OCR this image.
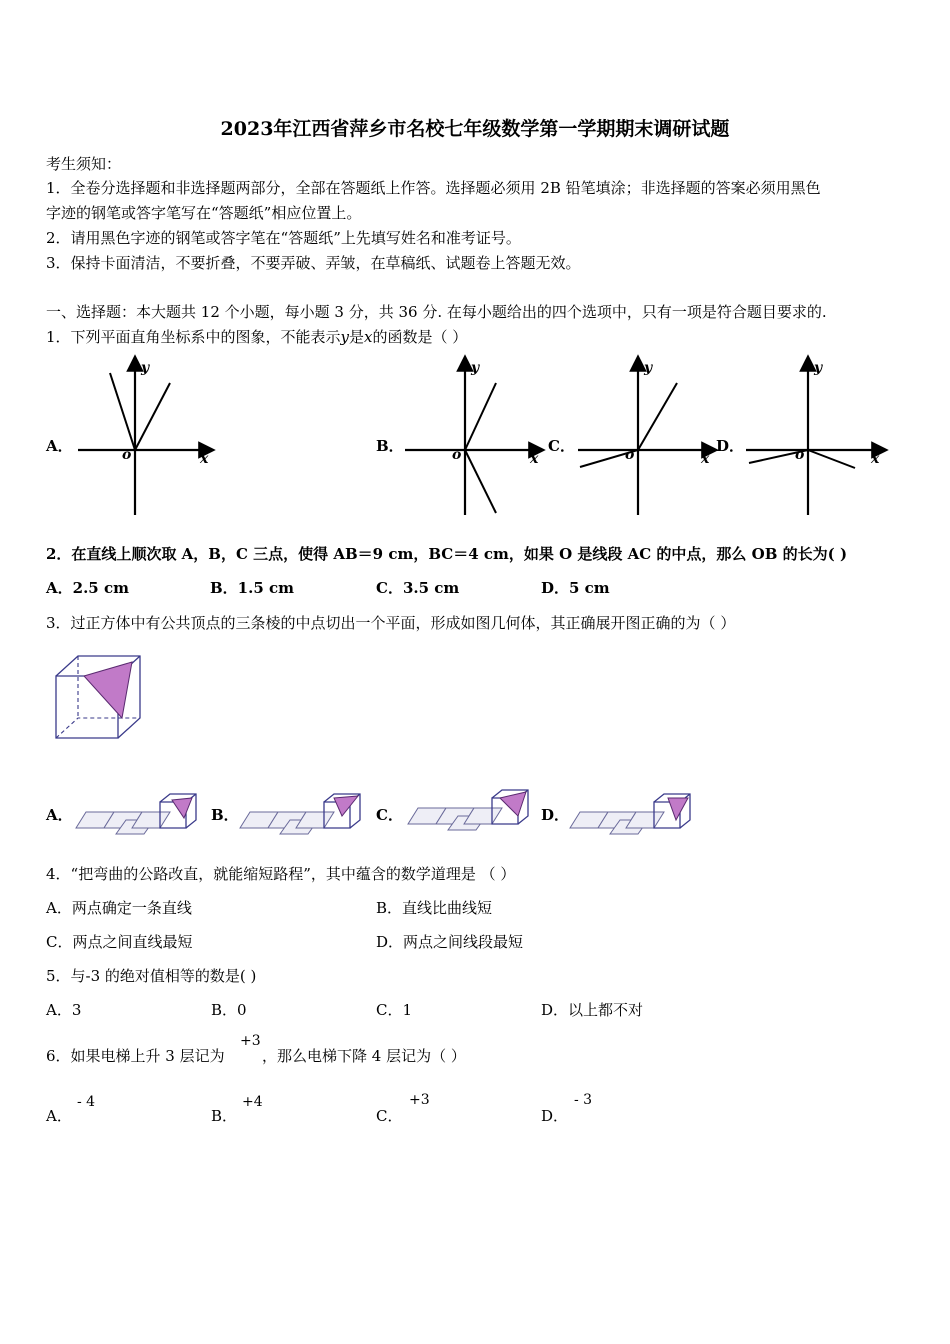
2023年江西省萍乡市名校七年级数学第一学期期末调研试题
考生须知：
1．全卷分选择题和非选择题两部分，全部在答题纸上作答。选择题必须用 2B 铅笔填涂；非选择题的答案必须用黑色
字迹的钢笔或答字笔写在“答题纸”相应位置上。
2．请用黑色字迹的钢笔或答字笔在“答题纸”上先填写姓名和准考证号。
3．保持卡面清洁，不要折叠，不要弄破、弄皱，在草稿纸、试题卷上答题无效。
一、选择题：本大题共 12 个小题，每小题 3 分，共 36 分. 在每小题给出的四个选项中，只有一项是符合题目要求的.
1．下列平面直角坐标系中的图象，不能表示y是x的函数是（ ）
A．	B．	C．	D．
y
x
o
y
x
o
y
x
o
y
x
o
2．在直线上顺次取 A，B，C 三点，使得 AB＝9 cm，BC＝4 cm，如果 O 是线段 AC 的中点，那么 OB 的长为( )
A．2.5 cm	B．1.5 cm	C．3.5 cm	D．5 cm
3．过正方体中有公共顶点的三条棱的中点切出一个平面，形成如图几何体，其正确展开图正确的为（ ）
A．	B．	C．	D．
4．“把弯曲的公路改直，就能缩短路程”，其中蕴含的数学道理是 （ ）
A．两点确定一条直线	B．直线比曲线短
C．两点之间直线最短	D．两点之间线段最短
5．与-3 的绝对值相等的数是( )
A．3	B．0	C．1	D．以上都不对
6．如果电梯上升 3 层记为
+3
，那么电梯下降 4 层记为（ ）
A．
- 4
B．
+4
C．
+3
D．
- 3
